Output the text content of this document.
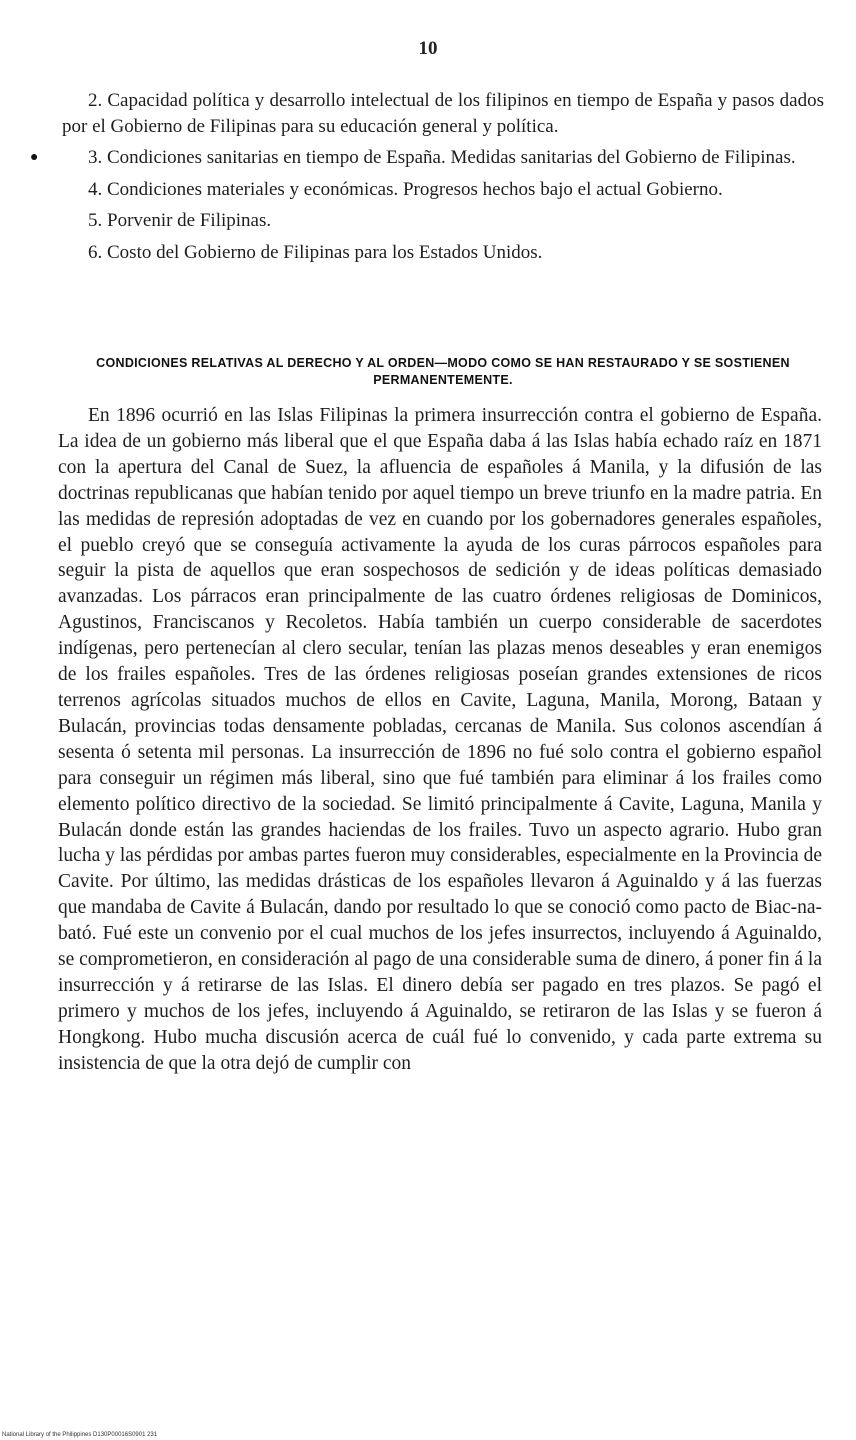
10
●

2. Capacidad política y desarrollo intelectual de los filipinos en tiempo de España y pasos dados por el Gobierno de Filipinas para su educación general y política.

3. Condiciones sanitarias en tiempo de España. Medidas sanitarias del Gobierno de Filipinas.

4. Condiciones materiales y económicas. Progresos hechos bajo el actual Gobierno.

5. Porvenir de Filipinas.

6. Costo del Gobierno de Filipinas para los Estados Unidos.

CONDICIONES RELATIVAS AL DERECHO Y AL ORDEN—MODO COMO SE HAN RESTAURADO Y SE SOSTIENEN PERMANENTEMENTE.

En 1896 ocurrió en las Islas Filipinas la primera insurrección contra el gobierno de España. La idea de un gobierno más liberal que el que España daba á las Islas había echado raíz en 1871 con la apertura del Canal de Suez, la afluencia de españoles á Manila, y la difusión de las doctrinas republicanas que habían tenido por aquel tiempo un breve triunfo en la madre patria. En las medidas de represión adoptadas de vez en cuando por los gobernadores generales españoles, el pueblo creyó que se conseguía activamente la ayuda de los curas párrocos españoles para seguir la pista de aquellos que eran sospechosos de sedición y de ideas políticas demasiado avanzadas. Los párracos eran principalmente de las cuatro órdenes religiosas de Dominicos, Agustinos, Franciscanos y Recoletos. Había también un cuerpo considerable de sacerdotes indígenas, pero pertenecían al clero secular, tenían las plazas menos deseables y eran enemigos de los frailes españoles. Tres de las órdenes religiosas poseían grandes extensiones de ricos terrenos agrícolas situados muchos de ellos en Cavite, Laguna, Manila, Morong, Bataan y Bulacán, provincias todas densamente pobladas, cercanas de Manila. Sus colonos ascendían á sesenta ó setenta mil personas. La insurrección de 1896 no fué solo contra el gobierno español para conseguir un régimen más liberal, sino que fué también para eliminar á los frailes como elemento político directivo de la sociedad. Se limitó principalmente á Cavite, Laguna, Manila y Bulacán donde están las grandes haciendas de los frailes. Tuvo un aspecto agrario. Hubo gran lucha y las pérdidas por ambas partes fueron muy considerables, especialmente en la Provincia de Cavite. Por último, las medidas drásticas de los españoles llevaron á Aguinaldo y á las fuerzas que mandaba de Cavite á Bulacán, dando por resultado lo que se conoció como pacto de Biac-na-bató. Fué este un convenio por el cual muchos de los jefes insurrectos, incluyendo á Aguinaldo, se comprometieron, en consideración al pago de una considerable suma de dinero, á poner fin á la insurrección y á retirarse de las Islas. El dinero debía ser pagado en tres plazos. Se pagó el primero y muchos de los jefes, incluyendo á Aguinaldo, se retiraron de las Islas y se fueron á Hongkong. Hubo mucha discusión acerca de cuál fué lo convenido, y cada parte extrema su insistencia de que la otra dejó de cumplir con

National Library of the Philippines D130P00016S0901 231
